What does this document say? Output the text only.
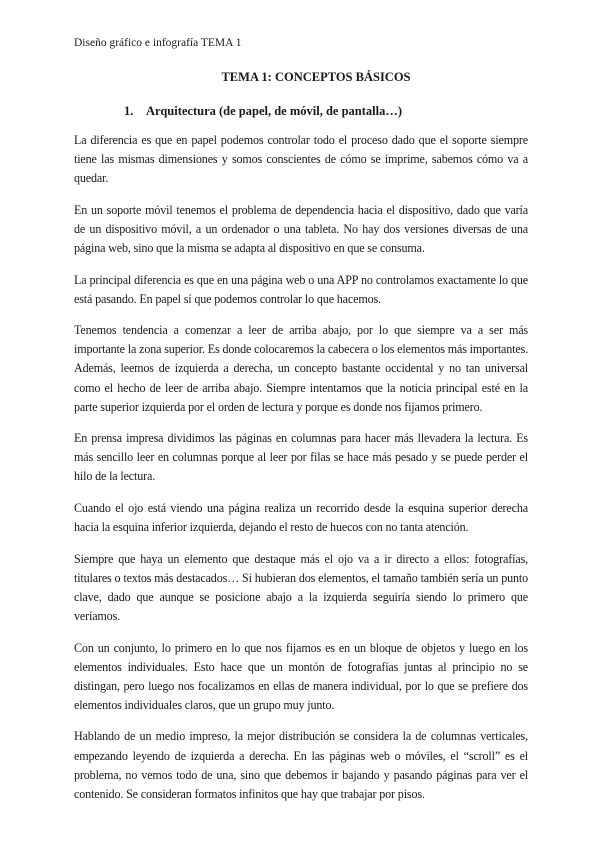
Diseño gráfico e infografía TEMA 1
TEMA 1: CONCEPTOS BÁSICOS
1. Arquitectura (de papel, de móvil, de pantalla…)

La diferencia es que en papel podemos controlar todo el proceso dado que el soporte siempre tiene las mismas dimensiones y somos conscientes de cómo se imprime, sabemos cómo va a quedar.

En un soporte móvil tenemos el problema de dependencia hacia el dispositivo, dado que varía de un dispositivo móvil, a un ordenador o una tableta. No hay dos versiones diversas de una página web, sino que la misma se adapta al dispositivo en que se consuma.

La principal diferencia es que en una página web o una APP no controlamos exactamente lo que está pasando. En papel sí que podemos controlar lo que hacemos.

Tenemos tendencia a comenzar a leer de arriba abajo, por lo que siempre va a ser más importante la zona superior. Es donde colocaremos la cabecera o los elementos más importantes. Además, leemos de izquierda a derecha, un concepto bastante occidental y no tan universal como el hecho de leer de arriba abajo. Siempre intentamos que la noticia principal esté en la parte superior izquierda por el orden de lectura y porque es donde nos fijamos primero.

En prensa impresa dividimos las páginas en columnas para hacer más llevadera la lectura. Es más sencillo leer en columnas porque al leer por filas se hace más pesado y se puede perder el hilo de la lectura.

Cuando el ojo está viendo una página realiza un recorrido desde la esquina superior derecha hacia la esquina inferior izquierda, dejando el resto de huecos con no tanta atención.

Siempre que haya un elemento que destaque más el ojo va a ir directo a ellos: fotografías, titulares o textos más destacados… Si hubieran dos elementos, el tamaño también sería un punto clave, dado que aunque se posicione abajo a la izquierda seguiría siendo lo primero que veríamos.

Con un conjunto, lo primero en lo que nos fijamos es en un bloque de objetos y luego en los elementos individuales. Esto hace que un montón de fotografías juntas al principio no se distingan, pero luego nos focalizamos en ellas de manera individual, por lo que se prefiere dos elementos individuales claros, que un grupo muy junto.

Hablando de un medio impreso, la mejor distribución se considera la de columnas verticales, empezando leyendo de izquierda a derecha. En las páginas web o móviles, el “scroll” es el problema, no vemos todo de una, sino que debemos ir bajando y pasando páginas para ver el contenido. Se consideran formatos infinitos que hay que trabajar por pisos.
